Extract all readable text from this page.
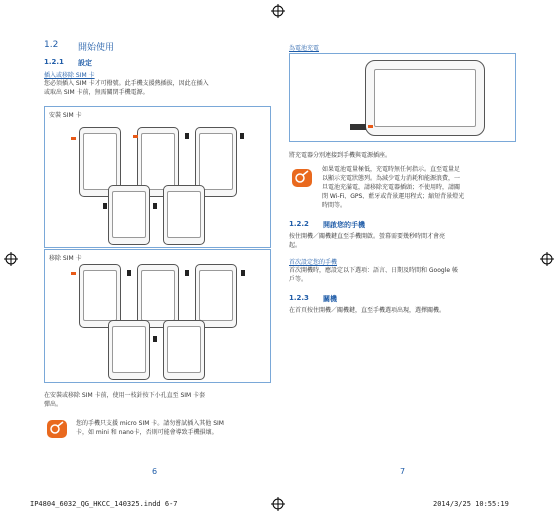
1.2 開始使用
1.2.1 設定
插入或移除 SIM 卡
您必須插入 SIM 卡才可撥號。此手機支援熱插拔，因此在插入
或取出 SIM 卡前，無需關閉手機電源。
安裝 SIM 卡
移除 SIM 卡
在安裝或移除 SIM 卡前，使用一枝針按下小孔直至 SIM 卡套
彈出。
您的手機只支援 micro SIM 卡。請勿嘗試插入其他 SIM
卡，如 mini 和 nano卡，否則可能會導致手機損壞。
6
為電池充電
將充電器分別連接到手機與電源插座。
如果電池電量極低，充電時無任何指示。直至電量足
以顯示充電狀態列。為減少電力消耗和能源浪費，一
旦電池充滿電，請移除充電器插頭；不使用時，請關
閉 Wi-Fi、GPS、藍牙或背景運用程式；縮短背景燈光
時間等。
1.2.2 開啟您的手機
按住開機／關機鍵直至手機開啟。螢幕需要幾秒時間才會亮
起。
首次設定您的手機
首次開機時，應設定以下選項：語言、日期及時間和 Google 帳
戶等。
1.2.3 關機
在首頁按住開機／關機鍵，直至手機選項出現，選擇關機。
7
IP4804_6032_QG_HKCC_140325.indd 6-7	2014/3/25 10:55:19
